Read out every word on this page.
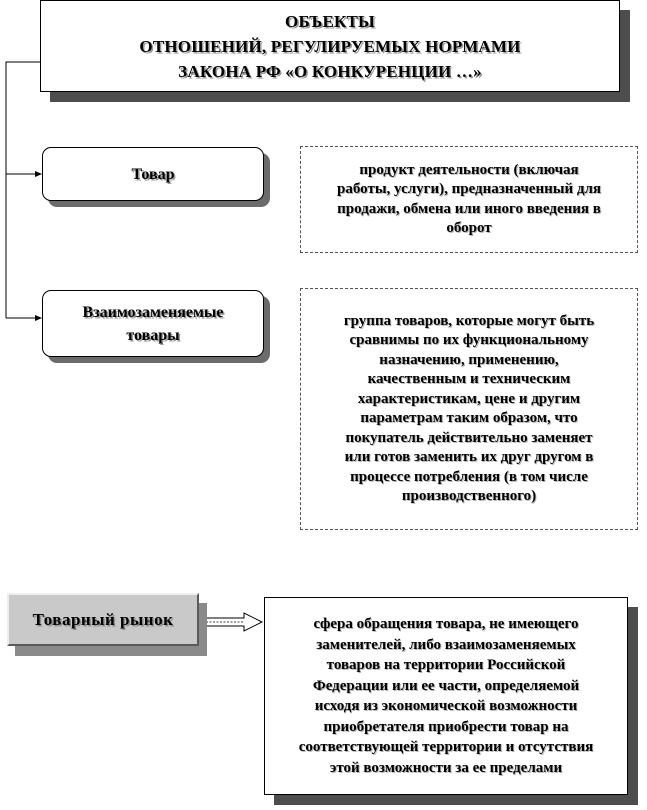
ОБЪЕКТЫ
ОТНОШЕНИЙ, РЕГУЛИРУЕМЫХ НОРМАМИ
ЗАКОНА РФ «О КОНКУРЕНЦИИ …»
Товар	продукт деятельности (включая
работы, услуги), предназначенный для
продажи, обмена или иного введения в
оборот
Взаимозаменяемые
товары
группа товаров, которые могут быть
сравнимы по их функциональному
назначению, применению,
качественным и техническим
характеристикам, цене и другим
параметрам таким образом, что
покупатель действительно заменяет
или готов заменить их друг другом в
процессе потребления (в том числе
производственного)
Товарный рынок	сфера обращения товара, не имеющего
заменителей, либо взаимозаменяемых
товаров на территории Российской
Федерации или ее части, определяемой
исходя из экономической возможности
приобретателя приобрести товар на
соответствующей территории и отсутствия
этой возможности за ее пределами
